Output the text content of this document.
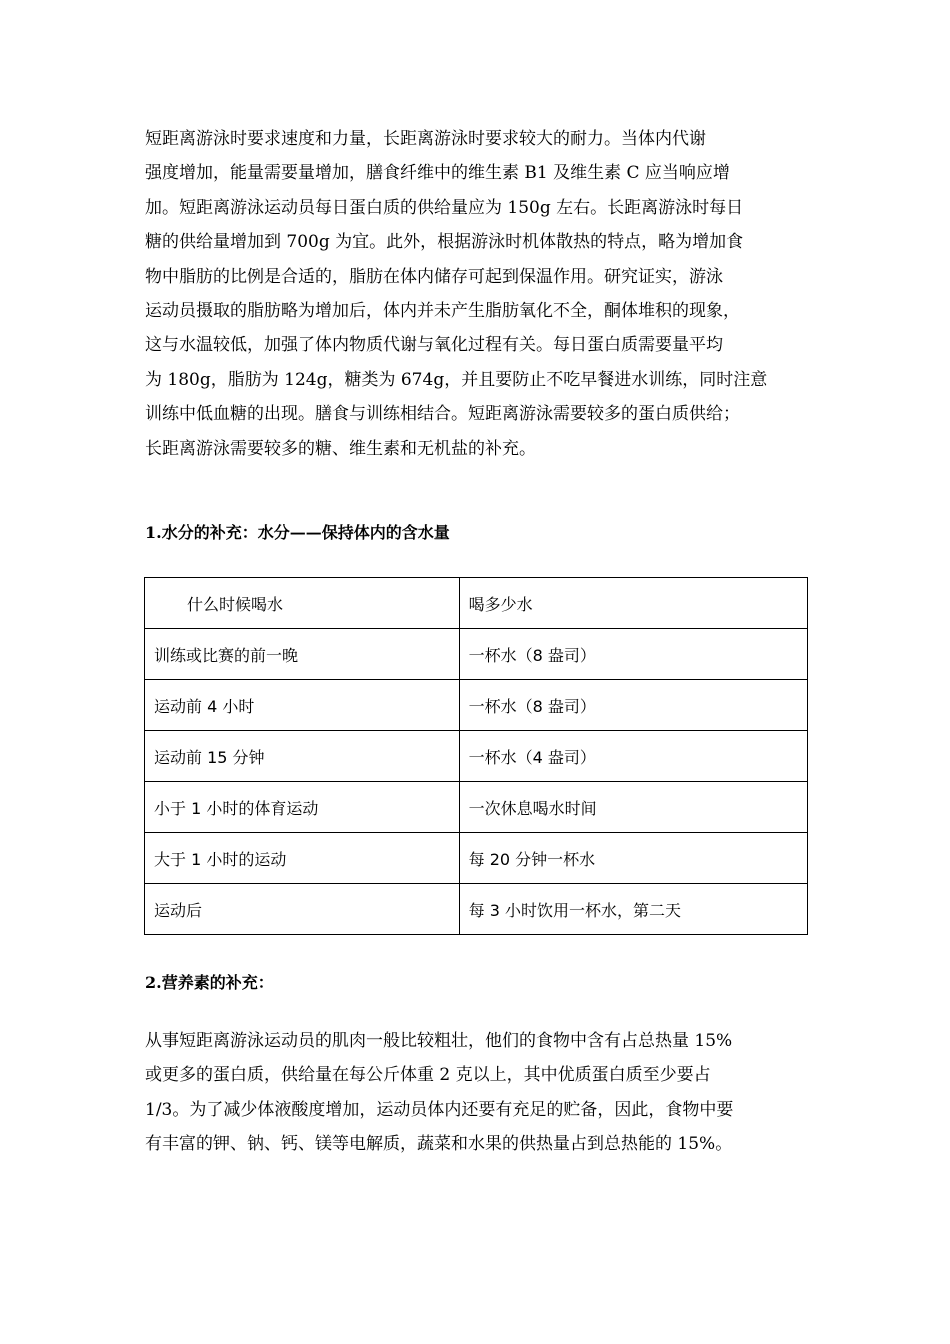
短距离游泳时要求速度和力量，长距离游泳时要求较大的耐力。当体内代谢
强度增加，能量需要量增加，膳食纤维中的维生素 B1 及维生素 C 应当响应增
加。短距离游泳运动员每日蛋白质的供给量应为 150g 左右。长距离游泳时每日
糖的供给量增加到 700g 为宜。此外，根据游泳时机体散热的特点，略为增加食
物中脂肪的比例是合适的，脂肪在体内储存可起到保温作用。研究证实，游泳
运动员摄取的脂肪略为增加后，体内并未产生脂肪氧化不全，酮体堆积的现象，
这与水温较低，加强了体内物质代谢与氧化过程有关。每日蛋白质需要量平均
为 180g，脂肪为 124g，糖类为 674g，并且要防止不吃早餐进水训练，同时注意
训练中低血糖的出现。膳食与训练相结合。短距离游泳需要较多的蛋白质供给；
长距离游泳需要较多的糖、维生素和无机盐的补充。
1.水分的补充：水分——保持体内的含水量
什么时候喝水	喝多少水
训练或比赛的前一晚	一杯水（8 盎司）
运动前 4 小时	一杯水（8 盎司）
运动前 15 分钟	一杯水（4 盎司）
小于 1 小时的体育运动	一次休息喝水时间
大于 1 小时的运动	每 20 分钟一杯水
运动后	每 3 小时饮用一杯水，第二天
2.营养素的补充：
从事短距离游泳运动员的肌肉一般比较粗壮，他们的食物中含有占总热量 15%
或更多的蛋白质，供给量在每公斤体重 2 克以上，其中优质蛋白质至少要占
1/3。为了减少体液酸度增加，运动员体内还要有充足的贮备，因此，食物中要
有丰富的钾、钠、钙、镁等电解质，蔬菜和水果的供热量占到总热能的 15%。
